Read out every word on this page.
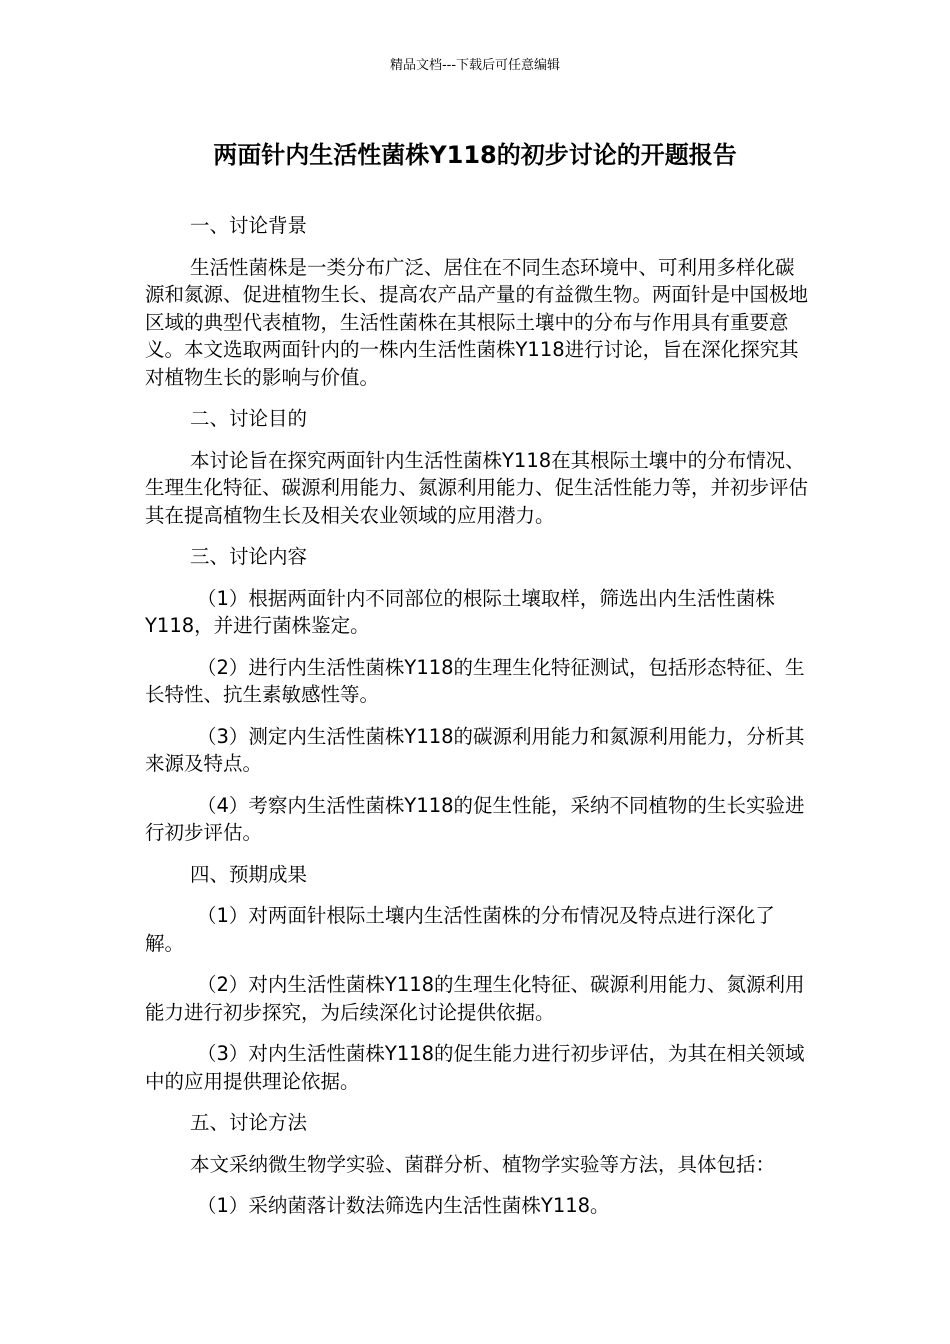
精品文档---下载后可任意编辑
两面针内生活性菌株Y118的初步讨论的开题报告

一、讨论背景

生活性菌株是一类分布广泛、居住在不同生态环境中、可利用多样化碳源和氮源、促进植物生长、提高农产品产量的有益微生物。两面针是中国极地区域的典型代表植物，生活性菌株在其根际土壤中的分布与作用具有重要意义。本文选取两面针内的一株内生活性菌株Y118进行讨论，旨在深化探究其对植物生长的影响与价值。

二、讨论目的

本讨论旨在探究两面针内生活性菌株Y118在其根际土壤中的分布情况、生理生化特征、碳源利用能力、氮源利用能力、促生活性能力等，并初步评估其在提高植物生长及相关农业领域的应用潜力。

三、讨论内容

（1）根据两面针内不同部位的根际土壤取样，筛选出内生活性菌株Y118，并进行菌株鉴定。

（2）进行内生活性菌株Y118的生理生化特征测试，包括形态特征、生长特性、抗生素敏感性等。

（3）测定内生活性菌株Y118的碳源利用能力和氮源利用能力，分析其来源及特点。

（4）考察内生活性菌株Y118的促生性能，采纳不同植物的生长实验进行初步评估。

四、预期成果

（1）对两面针根际土壤内生活性菌株的分布情况及特点进行深化了解。

（2）对内生活性菌株Y118的生理生化特征、碳源利用能力、氮源利用能力进行初步探究，为后续深化讨论提供依据。

（3）对内生活性菌株Y118的促生能力进行初步评估，为其在相关领域中的应用提供理论依据。

五、讨论方法

本文采纳微生物学实验、菌群分析、植物学实验等方法，具体包括：

（1）采纳菌落计数法筛选内生活性菌株Y118。
